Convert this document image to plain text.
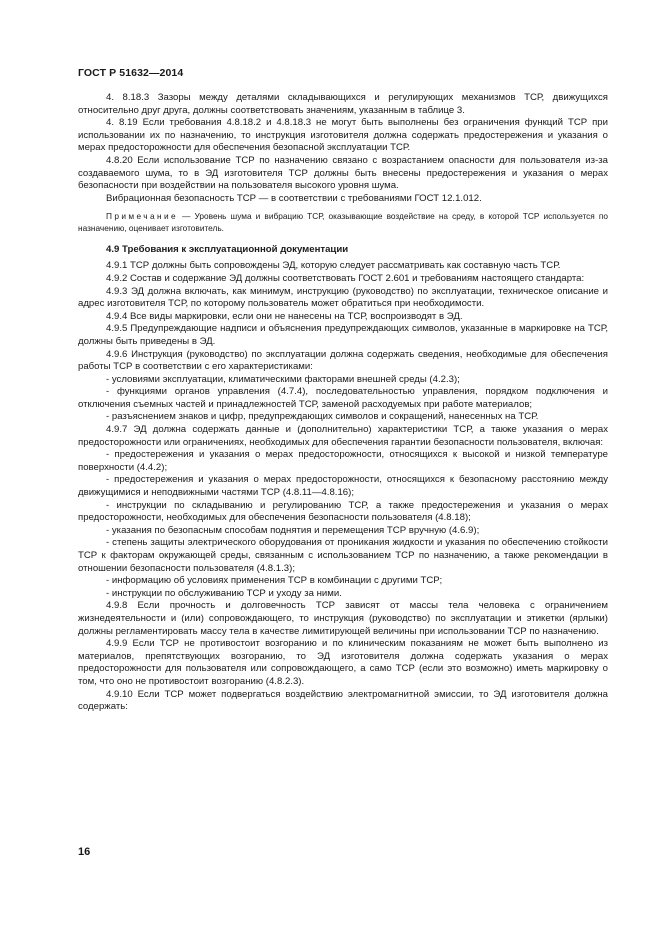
ГОСТ Р 51632—2014

4. 8.18.3 Зазоры между деталями складывающихся и регулирующих механизмов ТСР, движущихся относительно друг друга, должны соответствовать значениям, указанным в таблице 3.

4. 8.19 Если требования 4.8.18.2 и 4.8.18.3 не могут быть выполнены без ограничения функций ТСР при использовании их по назначению, то инструкция изготовителя должна содержать предостережения и указания о мерах предосторожности для обеспечения безопасной эксплуатации ТСР.

4.8.20 Если использование ТСР по назначению связано с возрастанием опасности для пользователя из-за создаваемого шума, то в ЭД изготовителя ТСР должны быть внесены предостережения и указания о мерах безопасности при воздействии на пользователя высокого уровня шума.

Вибрационная безопасность ТСР — в соответствии с требованиями ГОСТ 12.1.012.

Примечание — Уровень шума и вибрацию ТСР, оказывающие воздействие на среду, в которой ТСР используется по назначению, оценивает изготовитель.

4.9 Требования к эксплуатационной документации

4.9.1 ТСР должны быть сопровождены ЭД, которую следует рассматривать как составную часть ТСР.

4.9.2 Состав и содержание ЭД должны соответствовать ГОСТ 2.601 и требованиям настоящего стандарта:

4.9.3 ЭД должна включать, как минимум, инструкцию (руководство) по эксплуатации, техническое описание и адрес изготовителя ТСР, по которому пользователь может обратиться при необходимости.

4.9.4 Все виды маркировки, если они не нанесены на ТСР, воспроизводят в ЭД.

4.9.5 Предупреждающие надписи и объяснения предупреждающих символов, указанные в маркировке на ТСР, должны быть приведены в ЭД.

4.9.6 Инструкция (руководство) по эксплуатации должна содержать сведения, необходимые для обеспечения работы ТСР в соответствии с его характеристиками:

- условиями эксплуатации, климатическими факторами внешней среды (4.2.3);

- функциями органов управления (4.7.4), последовательностью управления, порядком подключения и отключения съемных частей и принадлежностей ТСР, заменой расходуемых при работе материалов;

- разъяснением знаков и цифр, предупреждающих символов и сокращений, нанесенных на ТСР.

4.9.7 ЭД должна содержать данные и (дополнительно) характеристики ТСР, а также указания о мерах предосторожности или ограничениях, необходимых для обеспечения гарантии безопасности пользователя, включая:

- предостережения и указания о мерах предосторожности, относящихся к высокой и низкой температуре поверхности (4.4.2);

- предостережения и указания о мерах предосторожности, относящихся к безопасному расстоянию между движущимися и неподвижными частями ТСР (4.8.11—4.8.16);

- инструкции по складыванию и регулированию ТСР, а также предостережения и указания о мерах предосторожности, необходимых для обеспечения безопасности пользователя (4.8.18);

- указания по безопасным способам поднятия и перемещения ТСР вручную (4.6.9);

- степень защиты электрического оборудования от проникания жидкости и указания по обеспечению стойкости ТСР к факторам окружающей среды, связанным с использованием ТСР по назначению, а также рекомендации в отношении безопасности пользователя (4.8.1.3);

- информацию об условиях применения ТСР в комбинации с другими ТСР;

- инструкции по обслуживанию ТСР и уходу за ними.

4.9.8 Если прочность и долговечность ТСР зависят от массы тела человека с ограничением жизнедеятельности и (или) сопровождающего, то инструкция (руководство) по эксплуатации и этикетки (ярлыки) должны регламентировать массу тела в качестве лимитирующей величины при использовании ТСР по назначению.

4.9.9 Если ТСР не противостоит возгоранию и по клиническим показаниям не может быть выполнено из материалов, препятствующих возгоранию, то ЭД изготовителя должна содержать указания о мерах предосторожности для пользователя или сопровождающего, а само ТСР (если это возможно) иметь маркировку о том, что оно не противостоит возгоранию (4.8.2.3).

4.9.10 Если ТСР может подвергаться воздействию электромагнитной эмиссии, то ЭД изготовителя должна содержать:

16
